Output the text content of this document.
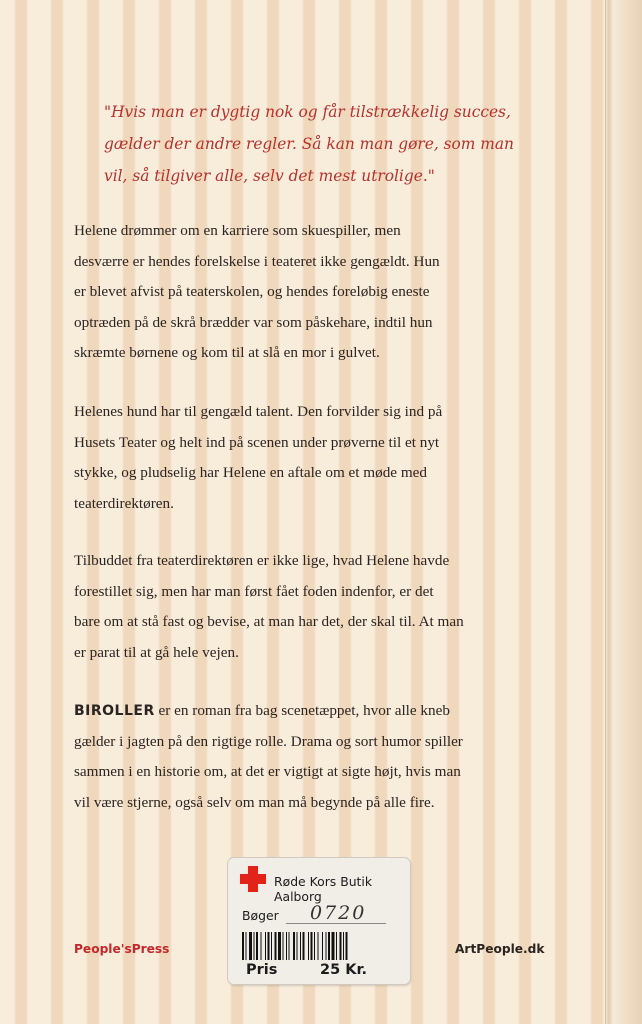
"Hvis man er dygtig nok og får tilstrækkelig succes,
gælder der andre regler. Så kan man gøre, som man
vil, så tilgiver alle, selv det mest utrolige."
Helene drømmer om en karriere som skuespiller, men
desværre er hendes forelskelse i teateret ikke gengældt. Hun
er blevet afvist på teaterskolen, og hendes foreløbig eneste
optræden på de skrå brædder var som påskehare, indtil hun
skræmte børnene og kom til at slå en mor i gulvet.
Helenes hund har til gengæld talent. Den forvilder sig ind på
Husets Teater og helt ind på scenen under prøverne til et nyt
stykke, og pludselig har Helene en aftale om et møde med
teaterdirektøren.
Tilbuddet fra teaterdirektøren er ikke lige, hvad Helene havde
forestillet sig, men har man først fået foden indenfor, er det
bare om at stå fast og bevise, at man har det, der skal til. At man
er parat til at gå hele vejen.
BIROLLER er en roman fra bag scenetæppet, hvor alle kneb
gælder i jagten på den rigtige rolle. Drama og sort humor spiller
sammen i en historie om, at det er vigtigt at sigte højt, hvis man
vil være stjerne, også selv om man må begynde på alle fire.
People'sPress	ArtPeople.dk
Røde Kors Butik
Aalborg
Bøger 0720
Pris	25 Kr.
